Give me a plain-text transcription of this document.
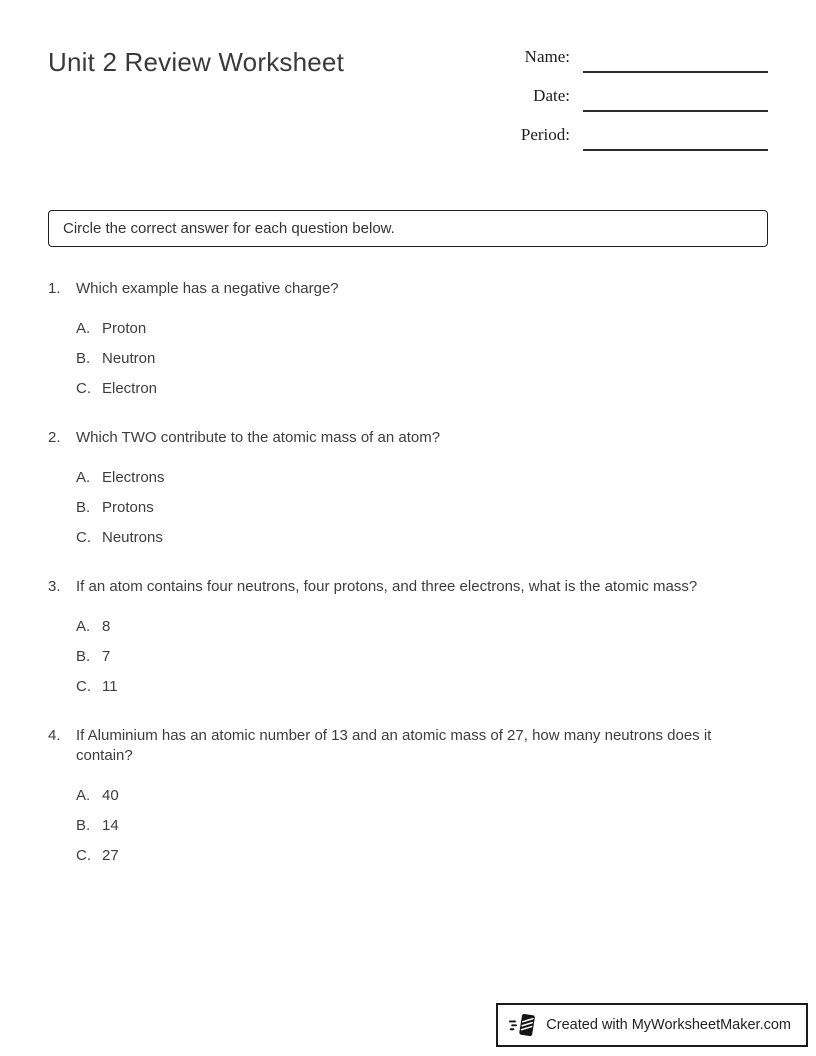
Unit 2 Review Worksheet	Name:
Date:
Period:
Circle the correct answer for each question below.
1.	Which example has a negative charge?
A. Proton
B. Neutron
C. Electron
2.	Which TWO contribute to the atomic mass of an atom?
A. Electrons
B. Protons
C. Neutrons
3.	If an atom contains four neutrons, four protons, and three electrons, what is the atomic mass?
A. 8
B. 7
C. 11
4.	If Aluminium has an atomic number of 13 and an atomic mass of 27, how many neutrons does it contain?
A. 40
B. 14
C. 27
Created with MyWorksheetMaker.com
